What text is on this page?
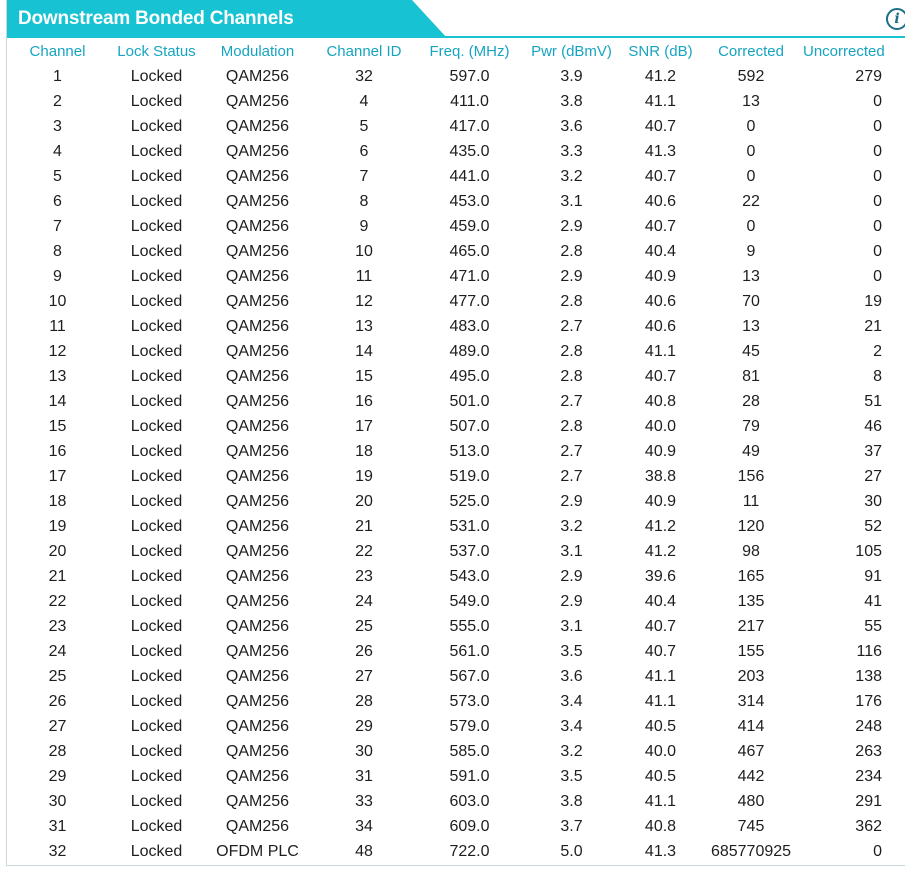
Downstream Bonded Channels
Channel	Lock Status	Modulation	Channel ID	Freq. (MHz)	Pwr (dBmV)	SNR (dB)	Corrected	Uncorrected
1	Locked	QAM256	32	597.0	3.9	41.2	592	279
2	Locked	QAM256	4	411.0	3.8	41.1	13	0
3	Locked	QAM256	5	417.0	3.6	40.7	0	0
4	Locked	QAM256	6	435.0	3.3	41.3	0	0
5	Locked	QAM256	7	441.0	3.2	40.7	0	0
6	Locked	QAM256	8	453.0	3.1	40.6	22	0
7	Locked	QAM256	9	459.0	2.9	40.7	0	0
8	Locked	QAM256	10	465.0	2.8	40.4	9	0
9	Locked	QAM256	11	471.0	2.9	40.9	13	0
10	Locked	QAM256	12	477.0	2.8	40.6	70	19
11	Locked	QAM256	13	483.0	2.7	40.6	13	21
12	Locked	QAM256	14	489.0	2.8	41.1	45	2
13	Locked	QAM256	15	495.0	2.8	40.7	81	8
14	Locked	QAM256	16	501.0	2.7	40.8	28	51
15	Locked	QAM256	17	507.0	2.8	40.0	79	46
16	Locked	QAM256	18	513.0	2.7	40.9	49	37
17	Locked	QAM256	19	519.0	2.7	38.8	156	27
18	Locked	QAM256	20	525.0	2.9	40.9	11	30
19	Locked	QAM256	21	531.0	3.2	41.2	120	52
20	Locked	QAM256	22	537.0	3.1	41.2	98	105
21	Locked	QAM256	23	543.0	2.9	39.6	165	91
22	Locked	QAM256	24	549.0	2.9	40.4	135	41
23	Locked	QAM256	25	555.0	3.1	40.7	217	55
24	Locked	QAM256	26	561.0	3.5	40.7	155	116
25	Locked	QAM256	27	567.0	3.6	41.1	203	138
26	Locked	QAM256	28	573.0	3.4	41.1	314	176
27	Locked	QAM256	29	579.0	3.4	40.5	414	248
28	Locked	QAM256	30	585.0	3.2	40.0	467	263
29	Locked	QAM256	31	591.0	3.5	40.5	442	234
30	Locked	QAM256	33	603.0	3.8	41.1	480	291
31	Locked	QAM256	34	609.0	3.7	40.8	745	362
32	Locked	OFDM PLC	48	722.0	5.0	41.3	685770925	0
i
